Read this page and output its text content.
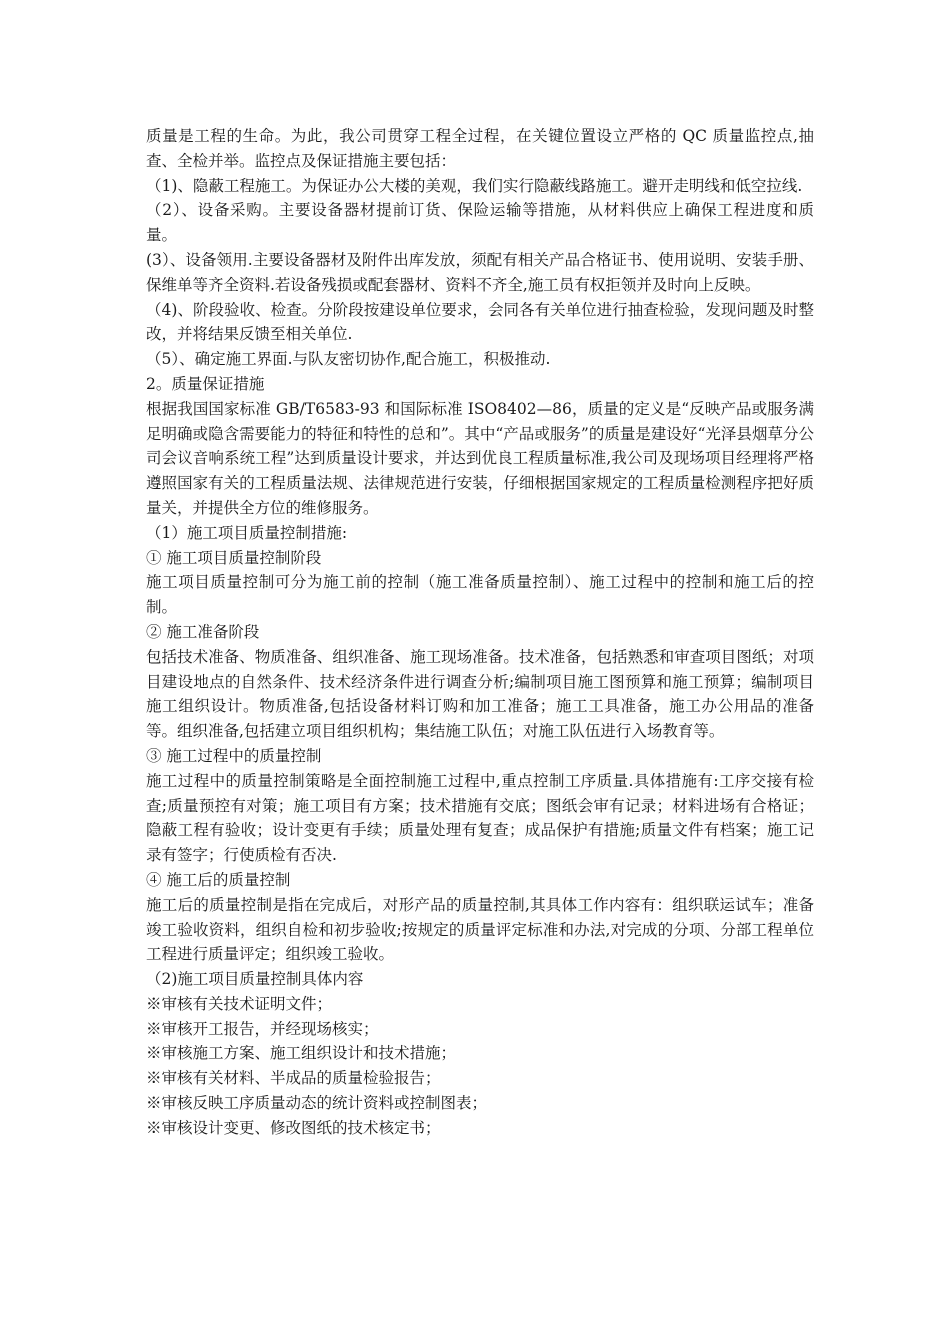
质量是工程的生命。为此，我公司贯穿工程全过程，在关键位置设立严格的 QC 质量监控点,抽查、全检并举。监控点及保证措施主要包括：

（1)、隐蔽工程施工。为保证办公大楼的美观，我们实行隐蔽线路施工。避开走明线和低空拉线.

（2）、设备采购。主要设备器材提前订货、保险运输等措施，从材料供应上确保工程进度和质量。

(3）、设备领用.主要设备器材及附件出库发放，须配有相关产品合格证书、使用说明、安装手册、保维单等齐全资料.若设备残损或配套器材、资料不齐全,施工员有权拒领并及时向上反映。

（4)、阶段验收、检查。分阶段按建设单位要求，会同各有关单位进行抽查检验，发现问题及时整改，并将结果反馈至相关单位.

（5）、确定施工界面.与队友密切协作,配合施工，积极推动.

2。质量保证措施

根据我国国家标准 GB/T6583-93 和国际标准 ISO8402—86，质量的定义是“反映产品或服务满足明确或隐含需要能力的特征和特性的总和”。其中“产品或服务”的质量是建设好“光泽县烟草分公司会议音响系统工程”达到质量设计要求，并达到优良工程质量标准,我公司及现场项目经理将严格遵照国家有关的工程质量法规、法律规范进行安装，仔细根据国家规定的工程质量检测程序把好质量关，并提供全方位的维修服务。

（1）施工项目质量控制措施:

① 施工项目质量控制阶段

施工项目质量控制可分为施工前的控制（施工准备质量控制）、施工过程中的控制和施工后的控制。

② 施工准备阶段

包括技术准备、物质准备、组织准备、施工现场准备。技术准备，包括熟悉和审查项目图纸；对项目建设地点的自然条件、技术经济条件进行调查分析;编制项目施工图预算和施工预算；编制项目施工组织设计。物质准备,包括设备材料订购和加工准备；施工工具准备，施工办公用品的准备等。组织准备,包括建立项目组织机构；集结施工队伍；对施工队伍进行入场教育等。

③ 施工过程中的质量控制

施工过程中的质量控制策略是全面控制施工过程中,重点控制工序质量.具体措施有:工序交接有检查;质量预控有对策；施工项目有方案；技术措施有交底；图纸会审有记录；材料进场有合格证；隐蔽工程有验收；设计变更有手续；质量处理有复查；成品保护有措施;质量文件有档案；施工记录有签字；行使质检有否决.

④ 施工后的质量控制

施工后的质量控制是指在完成后，对形产品的质量控制,其具体工作内容有：组织联运试车；准备竣工验收资料，组织自检和初步验收;按规定的质量评定标准和办法,对完成的分项、分部工程单位工程进行质量评定；组织竣工验收。

（2)施工项目质量控制具体内容

※审核有关技术证明文件；

※审核开工报告，并经现场核实；

※审核施工方案、施工组织设计和技术措施；

※审核有关材料、半成品的质量检验报告；

※审核反映工序质量动态的统计资料或控制图表；

※审核设计变更、修改图纸的技术核定书；
